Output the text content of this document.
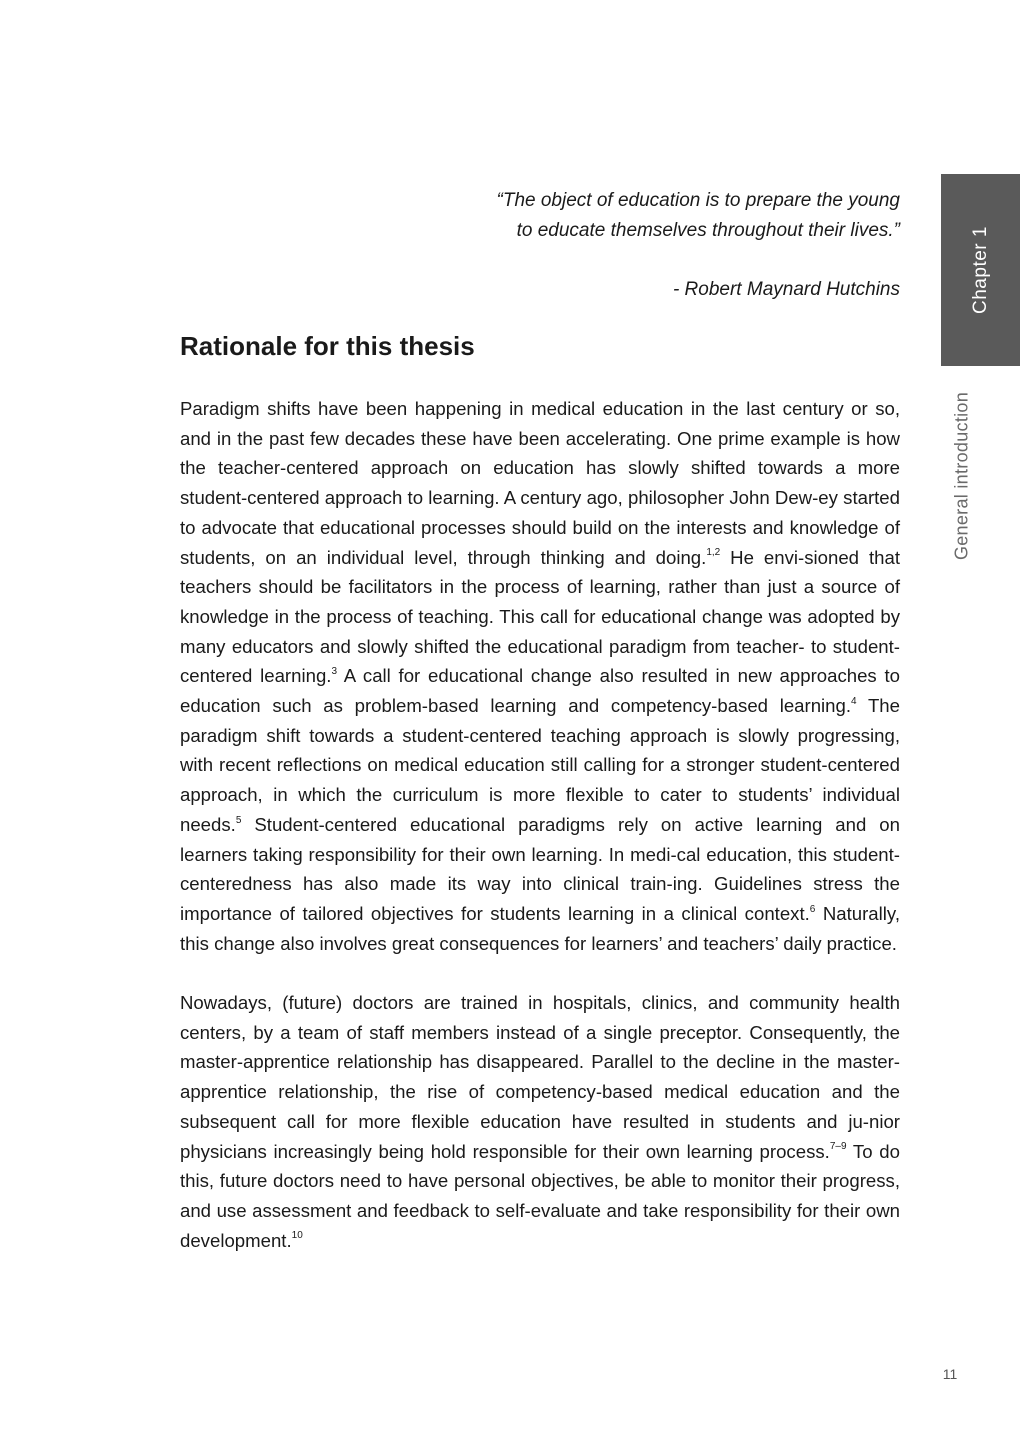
“The object of education is to prepare the young

to educate themselves throughout their lives.”

- Robert Maynard Hutchins

Rationale for this thesis

Paradigm shifts have been happening in medical education in the last century or so, and in the past few decades these have been accelerating. One prime example is how the teacher-centered approach on education has slowly shifted towards a more student-centered approach to learning. A century ago, philosopher John Dew-ey started to advocate that educational processes should build on the interests and knowledge of students, on an individual level, through thinking and doing.$^{1,2}$ He envi-sioned that teachers should be facilitators in the process of learning, rather than just a source of knowledge in the process of teaching. This call for educational change was adopted by many educators and slowly shifted the educational paradigm from teacher- to student-centered learning.$^3$ A call for educational change also resulted in new approaches to education such as problem-based learning and competency-based learning.$^4$ The paradigm shift towards a student-centered teaching approach is slowly progressing, with recent reflections on medical education still calling for a stronger student-centered approach, in which the curriculum is more flexible to cater to students’ individual needs.$^5$ Student-centered educational paradigms rely on active learning and on learners taking responsibility for their own learning. In medi-cal education, this student-centeredness has also made its way into clinical train-ing. Guidelines stress the importance of tailored objectives for students learning in a clinical context.$^6$ Naturally, this change also involves great consequences for learners’ and teachers’ daily practice.

Nowadays, (future) doctors are trained in hospitals, clinics, and community health centers, by a team of staff members instead of a single preceptor. Consequently, the master-apprentice relationship has disappeared. Parallel to the decline in the master-apprentice relationship, the rise of competency-based medical education and the subsequent call for more flexible education have resulted in students and ju-nior physicians increasingly being hold responsible for their own learning process.$^{7-9}$ To do this, future doctors need to have personal objectives, be able to monitor their progress, and use assessment and feedback to self-evaluate and take responsibility for their own development.$^{10}$

Chapter 1
General introduction
11
